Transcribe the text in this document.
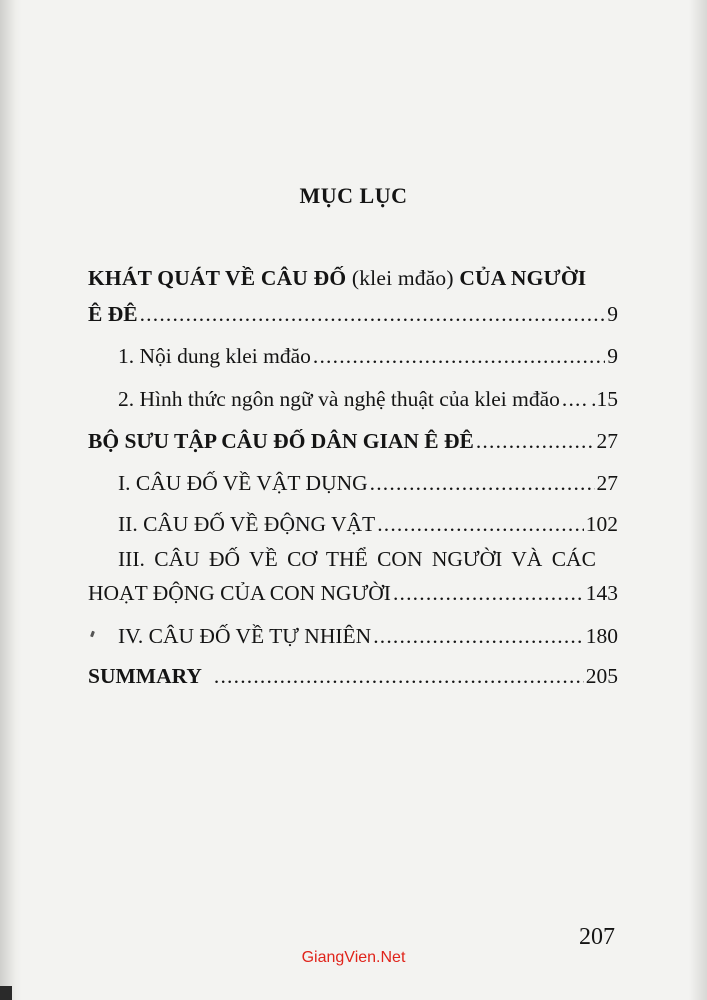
MỤC LỤC
KHÁT QUÁT VỀ CÂU ĐỐ (klei mđăo) CỦA NGƯỜI
Ê ĐÊ .....	9
1. Nội dung klei mđăo .....	9
2. Hình thức ngôn ngữ và nghệ thuật của klei mđăo ..... .15
BỘ SƯU TẬP CÂU ĐỐ DÂN GIAN Ê ĐÊ .....	27
I. CÂU ĐỐ VỀ VẬT DỤNG .....	27
II. CÂU ĐỐ VỀ ĐỘNG VẬT .....	102
III. CÂU ĐỐ VỀ CƠ THỂ CON NGƯỜI VÀ CÁC
HOẠT ĐỘNG CỦA CON NGƯỜI .....	143
IV. CÂU ĐỐ VỀ TỰ NHIÊN .....	180
SUMMARY .....	205
207
GiangVien.Net
